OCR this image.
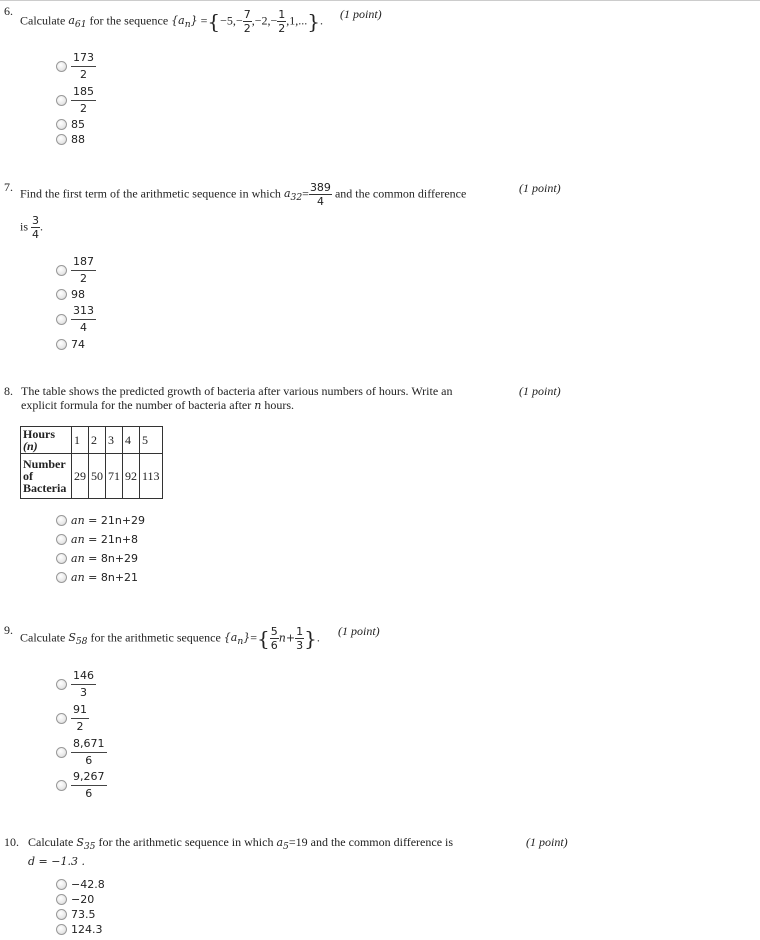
6.
Calculate $a_{61}$ for the sequence $\{a_n\} =\{-5,- \frac{7}{2} ,-2,- \frac{1}{2} ,1,...\}$. (1 point)
173
2
185
2
85
88
7. Find the first term of the arithmetic sequence in which $a_{32}= \frac{389}{4}$ and the common difference	(1 point)
is $\frac{3}{4}$ .
187
2
98
313
4
74
8. The table shows the predicted growth of bacteria after various numbers of hours. Write an
explicit formula for the number of bacteria after n hours.
(1 point)
Hours
(n)	1	2	3	4	5
Number of Bacteria	29	50	71	92	113
a n
= 21n+29
a n
= 21n+8
a n
= 8n+29
a n
= 8n+21
9.
Calculate $S_{58}$ for the arithmetic sequence $\{a_n\}=\{ \frac{5}{6} n+ \frac{1}{3}$ }. (1 point)
146
3
91
2
8,671
6
9,267
6
10. Calculate $S_{35}$ for the arithmetic sequence in which $a_5=19$ and the common difference is	(1 point)
d = −1.3 .
−42.8
−20
73.5
124.3
